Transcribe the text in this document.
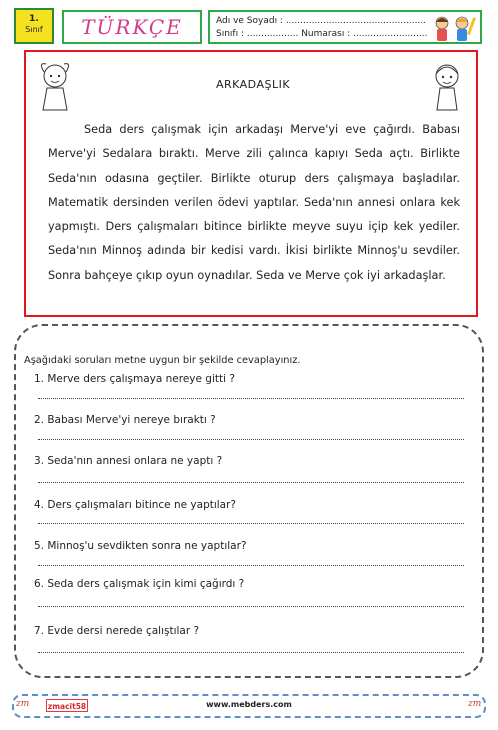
1.
Sınıf	TÜRKÇE	Adı ve Soyadı : .................................................
Sınıfı : .................. Numarası : ..........................
ARKADAŞLIK
Seda ders çalışmak için arkadaşı Merve'yi eve çağırdı. Babası Merve'yi Sedalara bıraktı. Merve zili çalınca kapıyı Seda açtı. Birlikte Seda'nın odasına geçtiler. Birlikte oturup ders çalışmaya başladılar. Matematik dersinden verilen ödevi yaptılar. Seda'nın annesi onlara kek yapmıştı. Ders çalışmaları bitince birlikte meyve suyu içip kek yediler. Seda'nın Minnoş adında bir kedisi vardı. İkisi birlikte Minnoş'u sevdiler. Sonra bahçeye çıkıp oyun oynadılar. Seda ve Merve çok iyi arkadaşlar.
Aşağıdaki soruları metne uygun bir şekilde cevaplayınız.
1. Merve ders çalışmaya nereye gitti ?
2. Babası Merve'yi nereye bıraktı ?
3. Seda'nın annesi onlara ne yaptı ?
4. Ders çalışmaları bitince ne yaptılar?
5. Minnoş'u sevdikten sonra ne yaptılar?
6. Seda ders çalışmak için kimi çağırdı ?
7. Evde dersi nerede çalıştılar ?
zm zmacit58	www.mebders.com	zm
